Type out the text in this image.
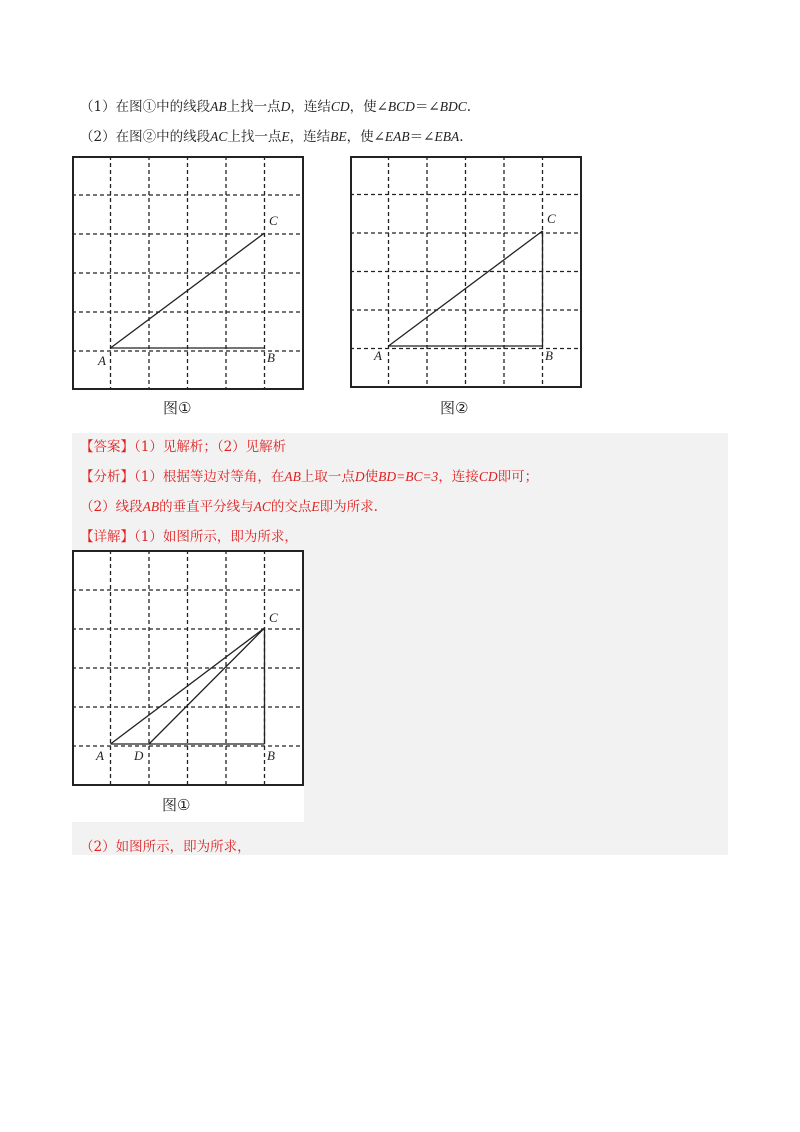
（1）在图①中的线段AB上找一点D，连结CD，使∠BCD＝∠BDC.
（2）在图②中的线段AC上找一点E，连结BE，使∠EAB＝∠EBA.
A	B
C
图①
A	B
C
图②
【答案】（1）见解析；（2）见解析
【分析】（1）根据等边对等角，在AB上取一点D使BD=BC=3，连接CD即可；
（2）线段AB的垂直平分线与AC的交点E即为所求.
【详解】（1）如图所示，即为所求，
A D	B
C
图①
（2）如图所示，即为所求，
